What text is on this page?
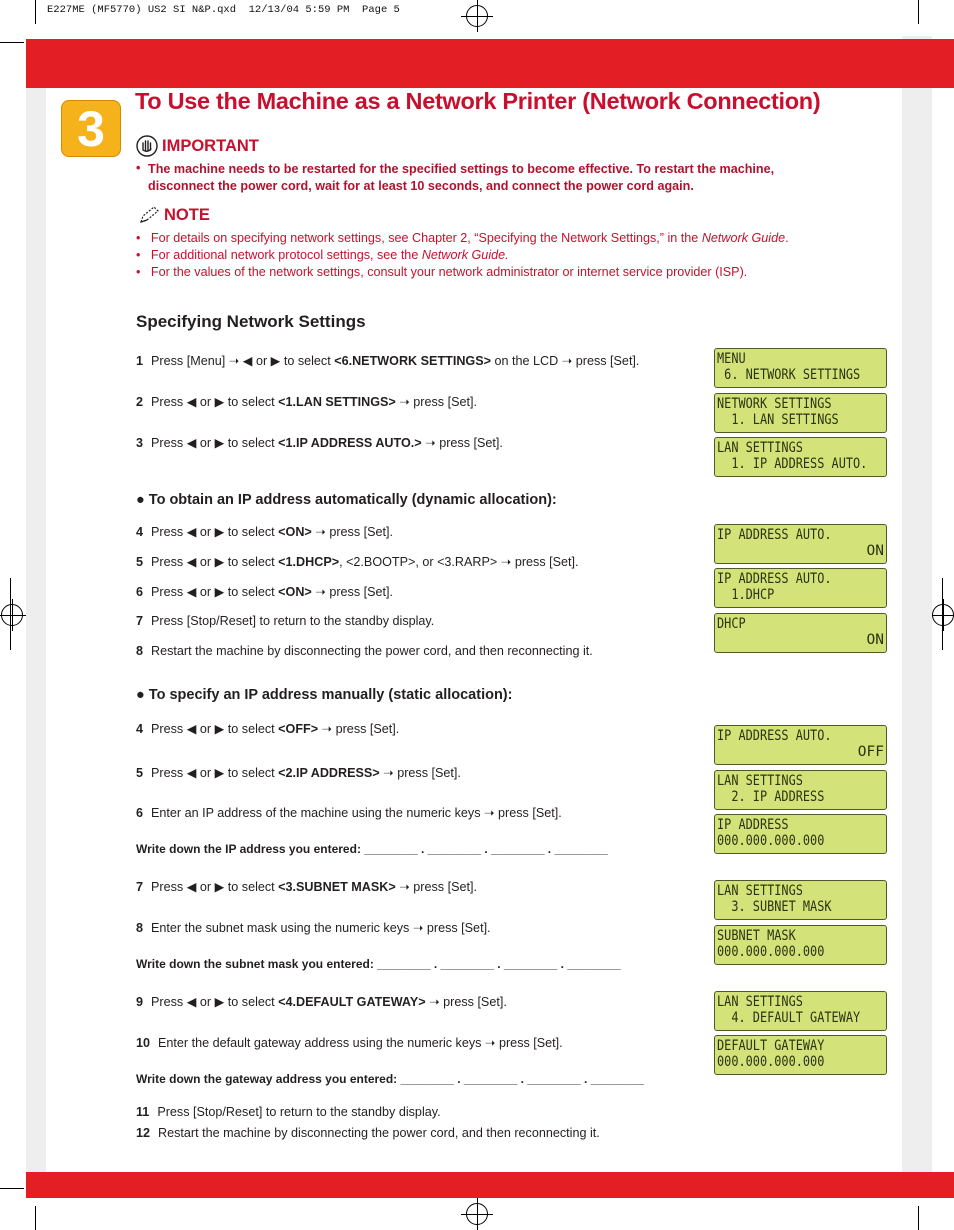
E227ME (MF5770) US2 SI N&P.qxd  12/13/04 5:59 PM  Page 5
3	To Use the Machine as a Network Printer (Network Connection)
IMPORTANT
• The machine needs to be restarted for the specified settings to become effective. To restart the machine,
disconnect the power cord, wait for at least 10 seconds, and connect the power cord again.
NOTE
•   For details on specifying network settings, see Chapter 2, “Specifying the Network Settings,” in the Network Guide.
•   For additional network protocol settings, see the Network Guide.
•   For the values of the network settings, consult your network administrator or internet service provider (ISP).
Specifying Network Settings
1 Press [Menu] ➝ ◀ or ▶ to select <6.NETWORK SETTINGS> on the LCD ➝ press [Set].
2 Press ◀ or ▶ to select <1.LAN SETTINGS> ➝ press [Set].
3 Press ◀ or ▶ to select <1.IP ADDRESS AUTO.> ➝ press [Set].
● To obtain an IP address automatically (dynamic allocation):
4 Press ◀ or ▶ to select <ON> ➝ press [Set].
5 Press ◀ or ▶ to select <1.DHCP>, <2.BOOTP>, or <3.RARP> ➝ press [Set].
6 Press ◀ or ▶ to select <ON> ➝ press [Set].
7 Press [Stop/Reset] to return to the standby display.
8 Restart the machine by disconnecting the power cord, and then reconnecting it.
● To specify an IP address manually (static allocation):
4 Press ◀ or ▶ to select <OFF> ➝ press [Set].
5 Press ◀ or ▶ to select <2.IP ADDRESS> ➝ press [Set].
6 Enter an IP address of the machine using the numeric keys ➝ press [Set].
Write down the IP address you entered: ________ . ________ . ________ . ________
7 Press ◀ or ▶ to select <3.SUBNET MASK> ➝ press [Set].
8 Enter the subnet mask using the numeric keys ➝ press [Set].
Write down the subnet mask you entered: ________ . ________ . ________ . ________
9 Press ◀ or ▶ to select <4.DEFAULT GATEWAY> ➝ press [Set].
10 Enter the default gateway address using the numeric keys ➝ press [Set].
Write down the gateway address you entered: ________ . ________ . ________ . ________
11 Press [Stop/Reset] to return to the standby display.
12 Restart the machine by disconnecting the power cord, and then reconnecting it.
MENU
6. NETWORK SETTINGS
NETWORK SETTINGS
1. LAN SETTINGS
LAN SETTINGS
1. IP ADDRESS AUTO.
IP ADDRESS AUTO.
ON
IP ADDRESS AUTO.
1.DHCP
DHCP
ON
IP ADDRESS AUTO.
OFF
LAN SETTINGS
2. IP ADDRESS
IP ADDRESS
000.000.000.000
LAN SETTINGS
3. SUBNET MASK
SUBNET MASK
000.000.000.000
LAN SETTINGS
4. DEFAULT GATEWAY
DEFAULT GATEWAY
000.000.000.000
